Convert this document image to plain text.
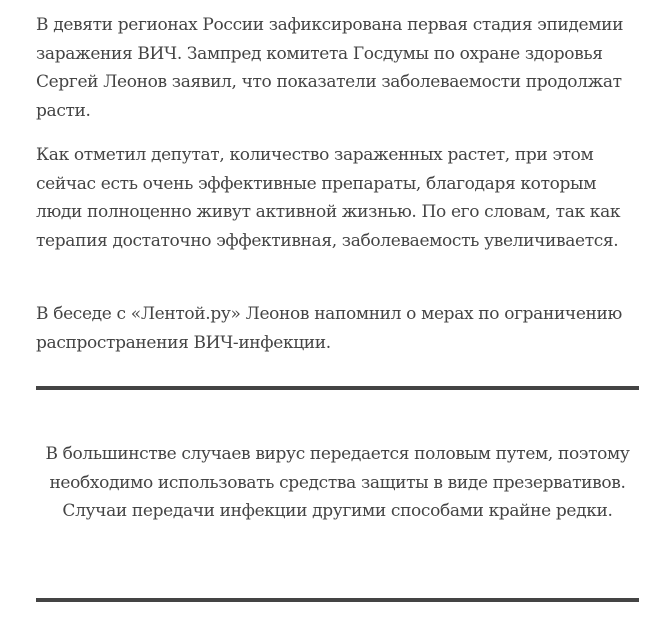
В девяти регионах России зафиксирована первая стадия эпидемии заражения ВИЧ. Зампред комитета Госдумы по охране здоровья Сергей Леонов заявил, что показатели заболеваемости продолжат расти.

Как отметил депутат, количество зараженных растет, при этом сейчас есть очень эффективные препараты, благодаря которым люди полноценно живут активной жизнью. По его словам, так как терапия достаточно эффективная, заболеваемость увеличивается.

В беседе с «Лентой.ру» Леонов напомнил о мерах по ограничению распространения ВИЧ-инфекции.

В большинстве случаев вирус передается половым путем, поэтому необходимо использовать средства защиты в виде презервативов. Случаи передачи инфекции другими способами крайне редки.
